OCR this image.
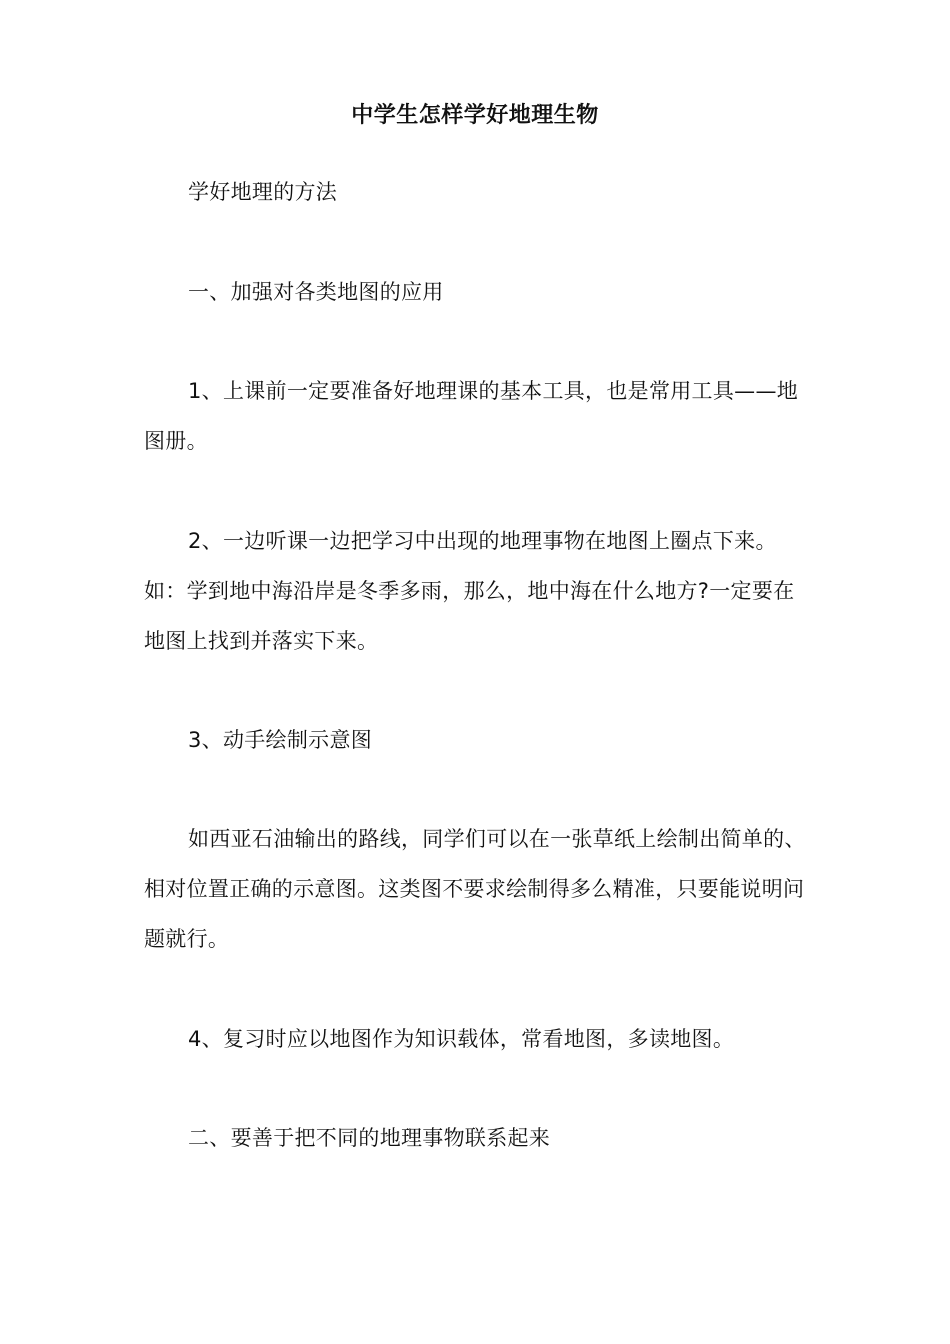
中学生怎样学好地理生物

学好地理的方法

一、加强对各类地图的应用

1、上课前一定要准备好地理课的基本工具，也是常用工具——地图册。

2、一边听课一边把学习中出现的地理事物在地图上圈点下来。如：学到地中海沿岸是冬季多雨，那么，地中海在什么地方?一定要在地图上找到并落实下来。

3、动手绘制示意图

如西亚石油输出的路线，同学们可以在一张草纸上绘制出简单的、相对位置正确的示意图。这类图不要求绘制得多么精准，只要能说明问题就行。

4、复习时应以地图作为知识载体，常看地图，多读地图。

二、要善于把不同的地理事物联系起来
